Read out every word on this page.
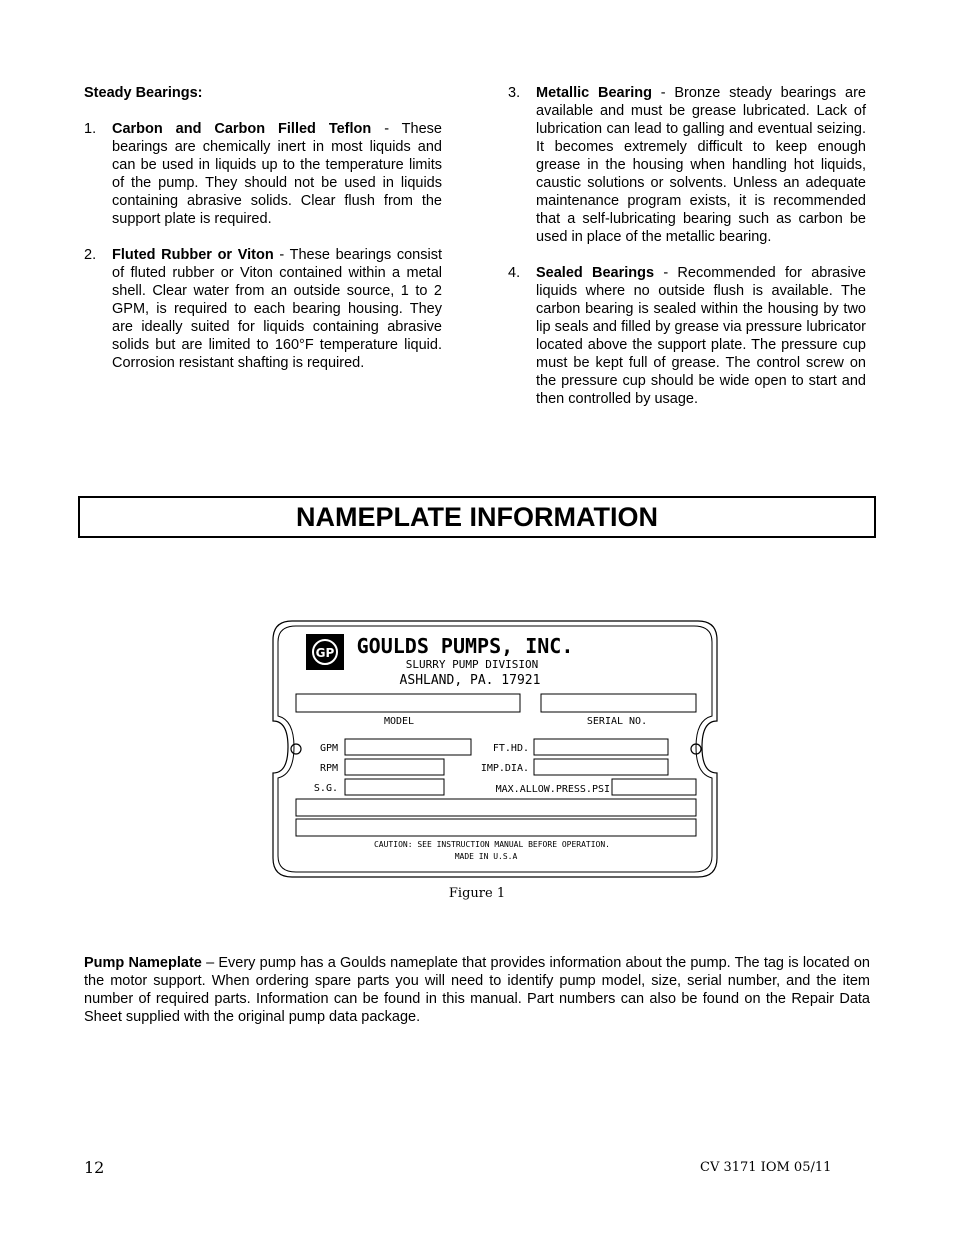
Steady Bearings:
1. Carbon and Carbon Filled Teflon - These bearings are chemically inert in most liquids and can be used in liquids up to the temperature limits of the pump. They should not be used in liquids containing abrasive solids. Clear flush from the support plate is required.
2. Fluted Rubber or Viton - These bearings consist of fluted rubber or Viton contained within a metal shell. Clear water from an outside source, 1 to 2 GPM, is required to each bearing housing. They are ideally suited for liquids containing abrasive solids but are limited to 160°F temperature liquid. Corrosion resistant shafting is required.
3. Metallic Bearing - Bronze steady bearings are available and must be grease lubricated. Lack of lubrication can lead to galling and eventual seizing. It becomes extremely difficult to keep enough grease in the housing when handling hot liquids, caustic solutions or solvents. Unless an adequate maintenance program exists, it is recommended that a self-lubricating bearing such as carbon be used in place of the metallic bearing.
4. Sealed Bearings - Recommended for abrasive liquids where no outside flush is available. The carbon bearing is sealed within the housing by two lip seals and filled by grease via pressure lubricator located above the support plate. The pressure cup must be kept full of grease. The control screw on the pressure cup should be wide open to start and then controlled by usage.
NAMEPLATE INFORMATION
GP GOULDS PUMPS, INC.
SLURRY PUMP DIVISION
ASHLAND, PA. 17921
MODEL	SERIAL NO.
GPM
RPM
S.G.
FT.HD.
IMP.DIA.
MAX.ALLOW.PRESS.PSI
CAUTION: SEE INSTRUCTION MANUAL BEFORE OPERATION.
MADE IN U.S.A
Figure 1
Pump Nameplate – Every pump has a Goulds nameplate that provides information about the pump. The tag is located on the motor support. When ordering spare parts you will need to identify pump model, size, serial number, and the item number of required parts. Information can be found in this manual. Part numbers can also be found on the Repair Data Sheet supplied with the original pump data package.
12	CV 3171 IOM 05/11
